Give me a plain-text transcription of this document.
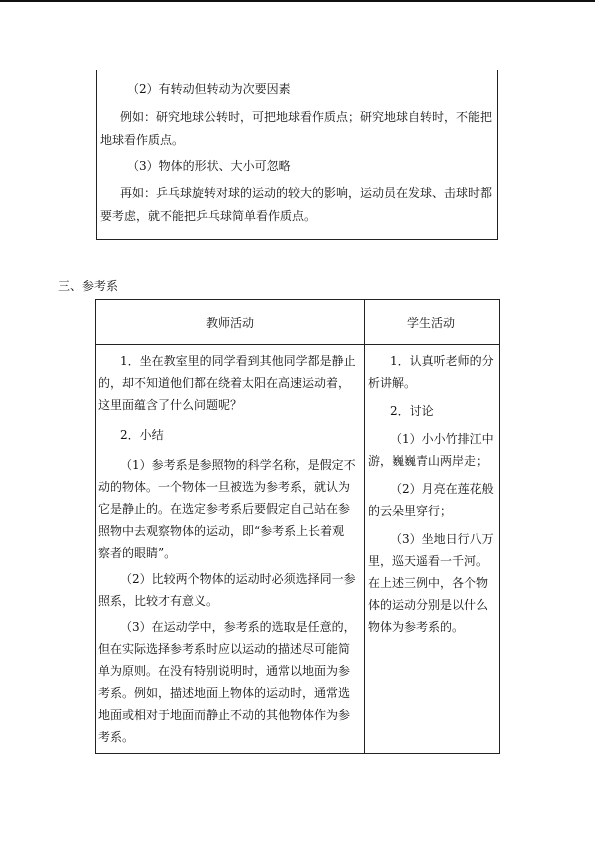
（2）有转动但转动为次要因素

例如：研究地球公转时，可把地球看作质点；研究地球自转时，不能把

地球看作质点。

（3）物体的形状、大小可忽略

再如：乒乓球旋转对球的运动的较大的影响，运动员在发球、击球时都

要考虑，就不能把乒乓球简单看作质点。

三、参考系
教师活动	学生活动

1．坐在教室里的同学看到其他同学都是静止

的，却不知道他们都在绕着太阳在高速运动着，

这里面蕴含了什么问题呢？

2．小结

（1）参考系是参照物的科学名称，是假定不

动的物体。一个物体一旦被选为参考系，就认为

它是静止的。在选定参考系后要假定自己站在参

照物中去观察物体的运动，即“参考系上长着观

察者的眼睛”。

（2）比较两个物体的运动时必须选择同一参

照系，比较才有意义。

（3）在运动学中，参考系的选取是任意的，

但在实际选择参考系时应以运动的描述尽可能简

单为原则。在没有特别说明时，通常以地面为参

考系。例如，描述地面上物体的运动时，通常选

地面或相对于地面而静止不动的其他物体作为参

考系。

1．认真听老师的分

析讲解。

2．讨论

（1）小小竹排江中

游，巍巍青山两岸走；

（2）月亮在莲花般

的云朵里穿行；

（3）坐地日行八万

里，巡天遥看一千河。

在上述三例中，各个物

体的运动分别是以什么

物体为参考系的。
